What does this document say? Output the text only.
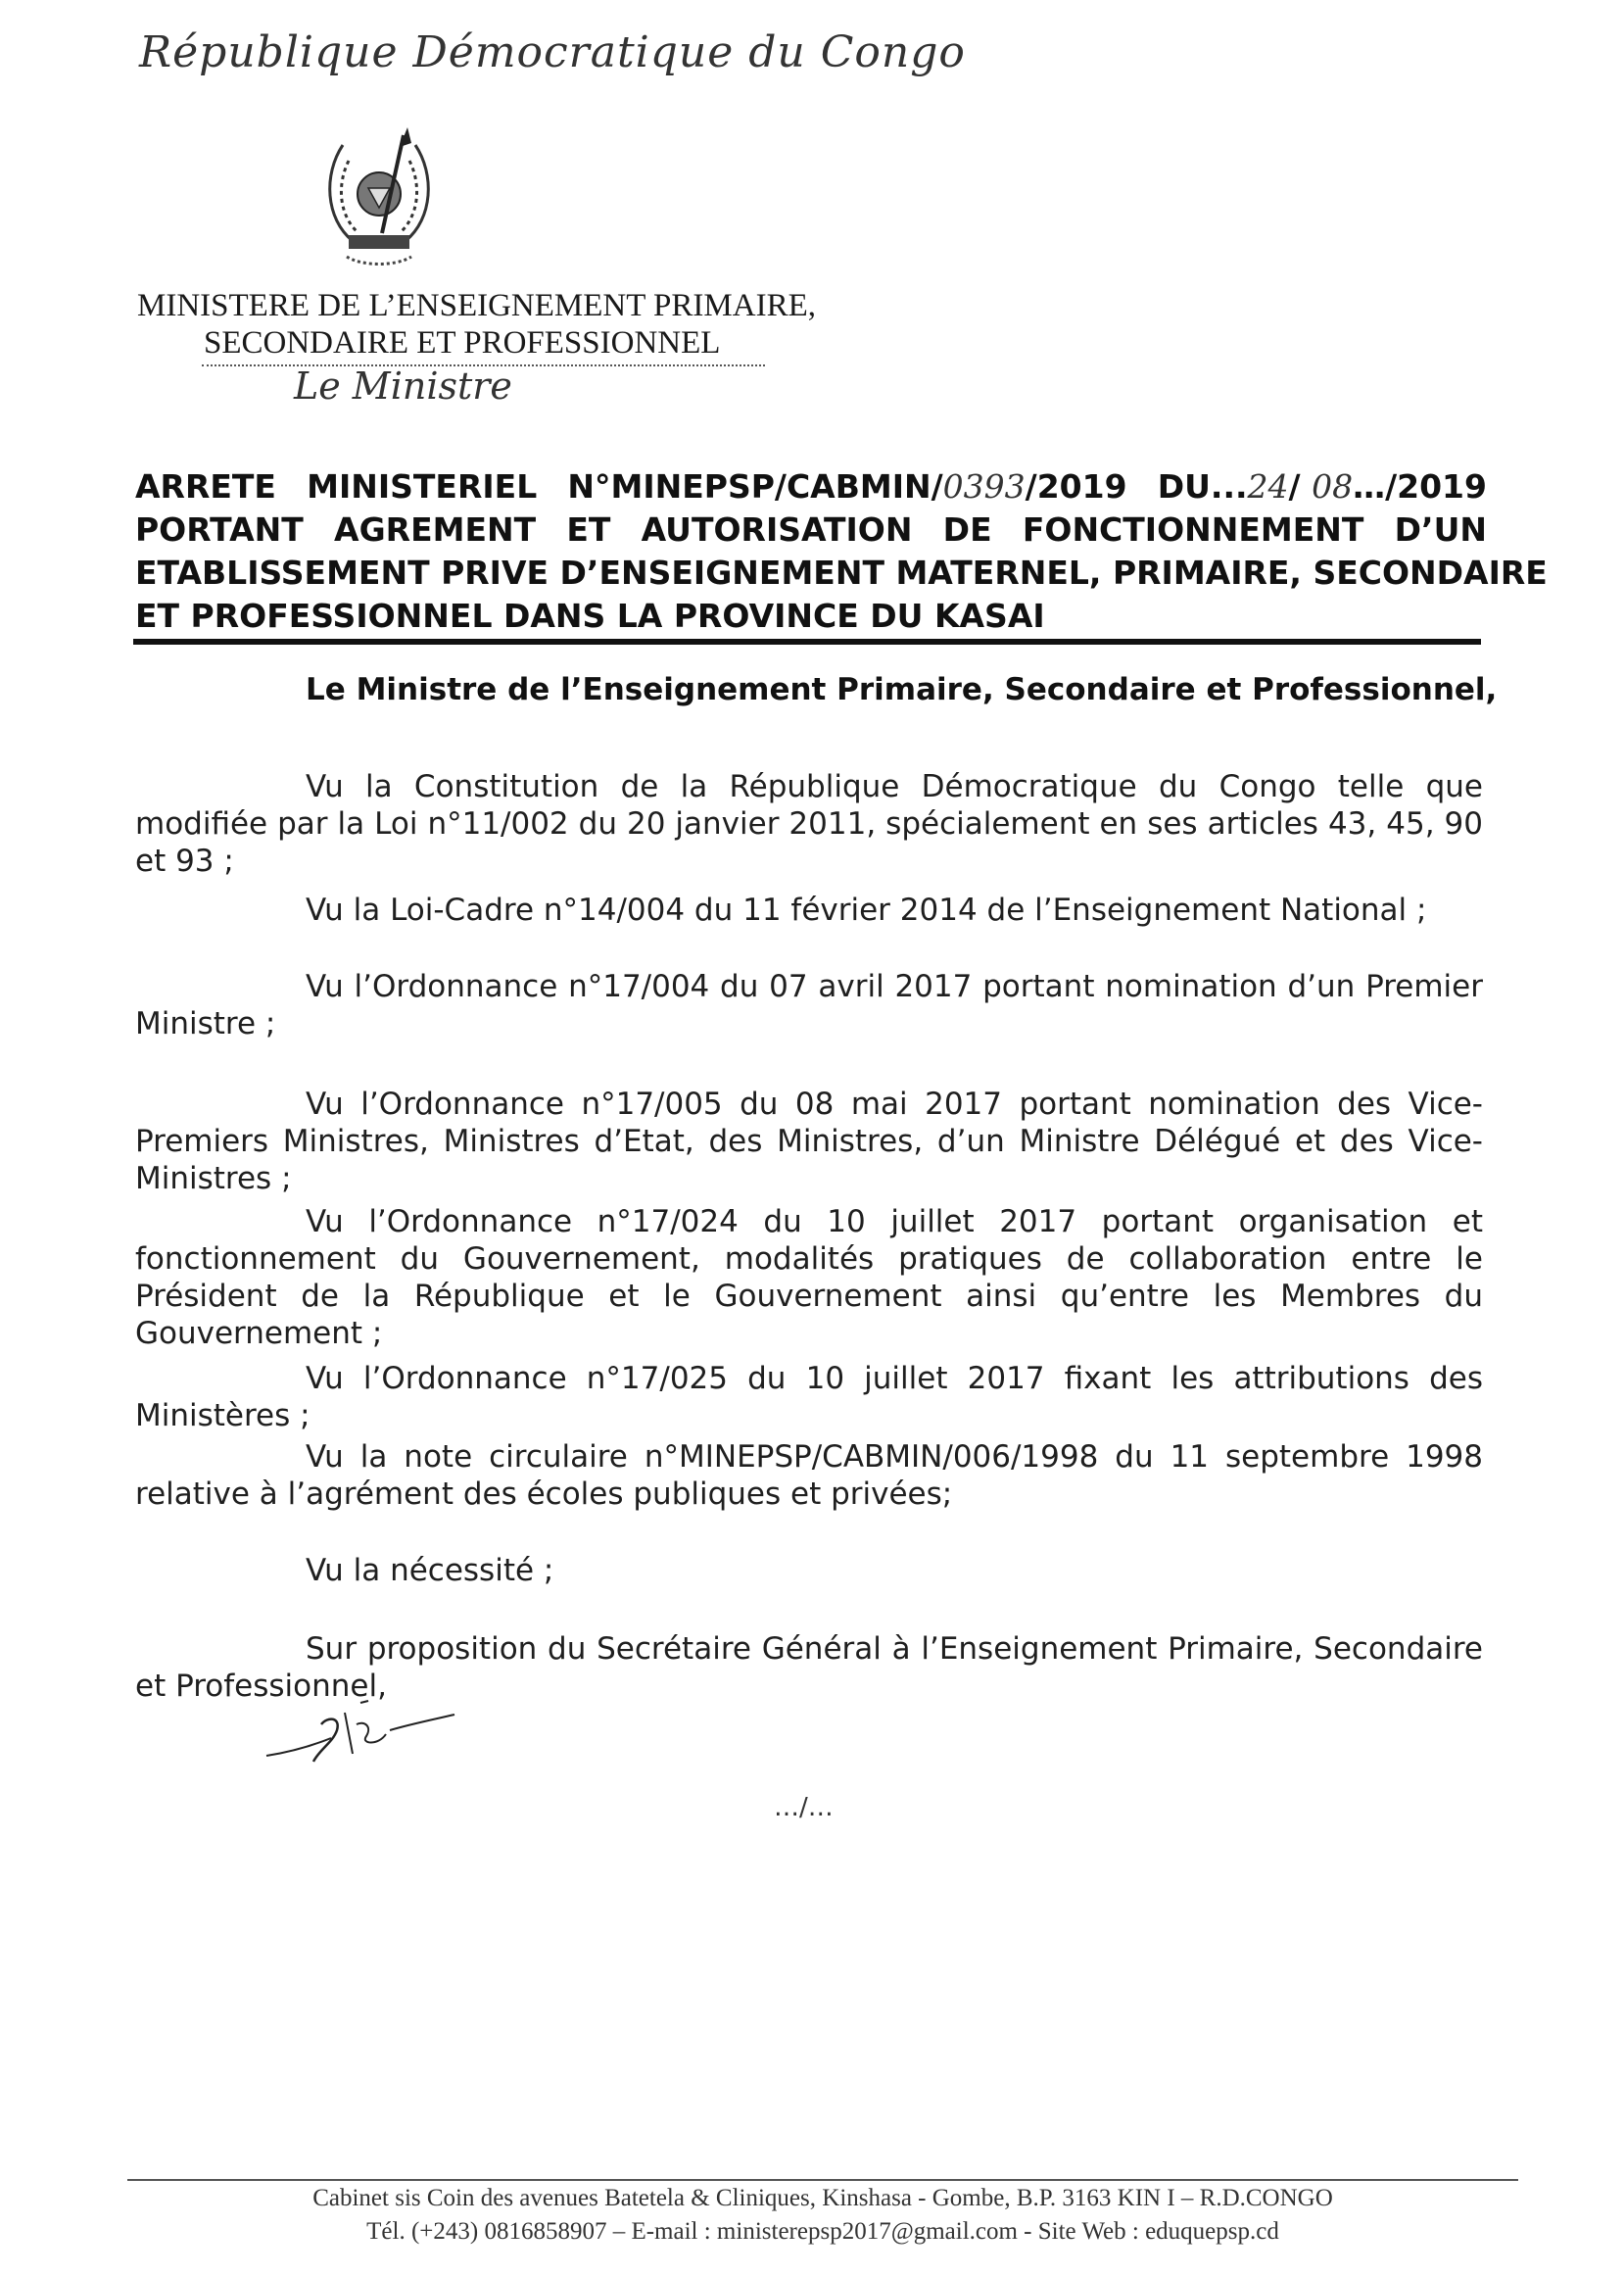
République Démocratique du Congo
MINISTERE DE L’ENSEIGNEMENT PRIMAIRE,
SECONDAIRE ET PROFESSIONNEL
Le Ministre
ARRETE MINISTERIEL N°MINEPSP/CABMIN/0393/2019 DU...24/ 08…/2019
PORTANT AGREMENT ET AUTORISATION DE FONCTIONNEMENT D’UN
ETABLISSEMENT PRIVE D’ENSEIGNEMENT MATERNEL, PRIMAIRE, SECONDAIRE
ET PROFESSIONNEL DANS LA PROVINCE DU KASAI
Le Ministre de l’Enseignement Primaire, Secondaire et Professionnel,
Vu la Constitution de la République Démocratique du Congo telle que modifiée par la Loi n°11/002 du 20 janvier 2011, spécialement en ses articles 43, 45, 90 et 93 ;
Vu la Loi-Cadre n°14/004 du 11 février 2014 de l’Enseignement National ;
Vu l’Ordonnance n°17/004 du 07 avril 2017 portant nomination d’un Premier Ministre ;
Vu l’Ordonnance n°17/005 du 08 mai 2017 portant nomination des Vice-Premiers Ministres, Ministres d’Etat, des Ministres, d’un Ministre Délégué et des Vice-Ministres ;
Vu l’Ordonnance n°17/024 du 10 juillet 2017 portant organisation et fonctionnement du Gouvernement, modalités pratiques de collaboration entre le Président de la République et le Gouvernement ainsi qu’entre les Membres du Gouvernement ;
Vu l’Ordonnance n°17/025 du 10 juillet 2017 fixant les attributions des Ministères ;
Vu la note circulaire n°MINEPSP/CABMIN/006/1998 du 11 septembre 1998 relative à l’agrément des écoles publiques et privées;
Vu la nécessité ;
Sur proposition du Secrétaire Général à l’Enseignement Primaire, Secondaire et Professionnel,
…/…
Cabinet sis Coin des avenues Batetela & Cliniques, Kinshasa - Gombe, B.P. 3163 KIN I – R.D.CONGO
Tél. (+243) 0816858907 – E-mail : ministerepsp2017@gmail.com - Site Web : eduquepsp.cd
